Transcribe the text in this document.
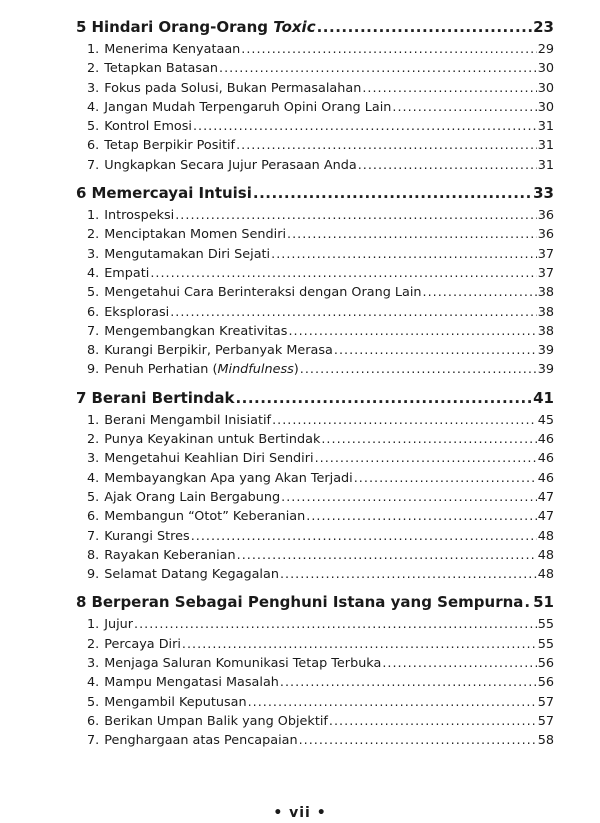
5 Hindari Orang-Orang Toxic .....	23
1. Menerima Kenyataan .....	29
2. Tetapkan Batasan .....	30
3. Fokus pada Solusi, Bukan Permasalahan .....	30
4. Jangan Mudah Terpengaruh Opini Orang Lain .....	30
5. Kontrol Emosi .....	31
6. Tetap Berpikir Positif .....	31
7. Ungkapkan Secara Jujur Perasaan Anda .....	31
6 Memercayai Intuisi .....	33
1. Introspeksi .....	36
2. Menciptakan Momen Sendiri .....	36
3. Mengutamakan Diri Sejati .....	37
4. Empati .....	37
5. Mengetahui Cara Berinteraksi dengan Orang Lain .....	38
6. Eksplorasi .....	38
7. Mengembangkan Kreativitas .....	38
8. Kurangi Berpikir, Perbanyak Merasa .....	39
9. Penuh Perhatian (Mindfulness) .....	39
7 Berani Bertindak .....	41
1. Berani Mengambil Inisiatif .....	45
2. Punya Keyakinan untuk Bertindak .....	46
3. Mengetahui Keahlian Diri Sendiri .....	46
4. Membayangkan Apa yang Akan Terjadi .....	46
5. Ajak Orang Lain Bergabung .....	47
6. Membangun “Otot” Keberanian .....	47
7. Kurangi Stres .....	48
8. Rayakan Keberanian .....	48
9. Selamat Datang Kegagalan .....	48
8 Berperan Sebagai Penghuni Istana yang Sempurna ..... 51
1. Jujur .....	55
2. Percaya Diri .....	55
3. Menjaga Saluran Komunikasi Tetap Terbuka .....	56
4. Mampu Mengatasi Masalah .....	56
5. Mengambil Keputusan .....	57
6. Berikan Umpan Balik yang Objektif .....	57
7. Penghargaan atas Pencapaian .....	58
• vii •
